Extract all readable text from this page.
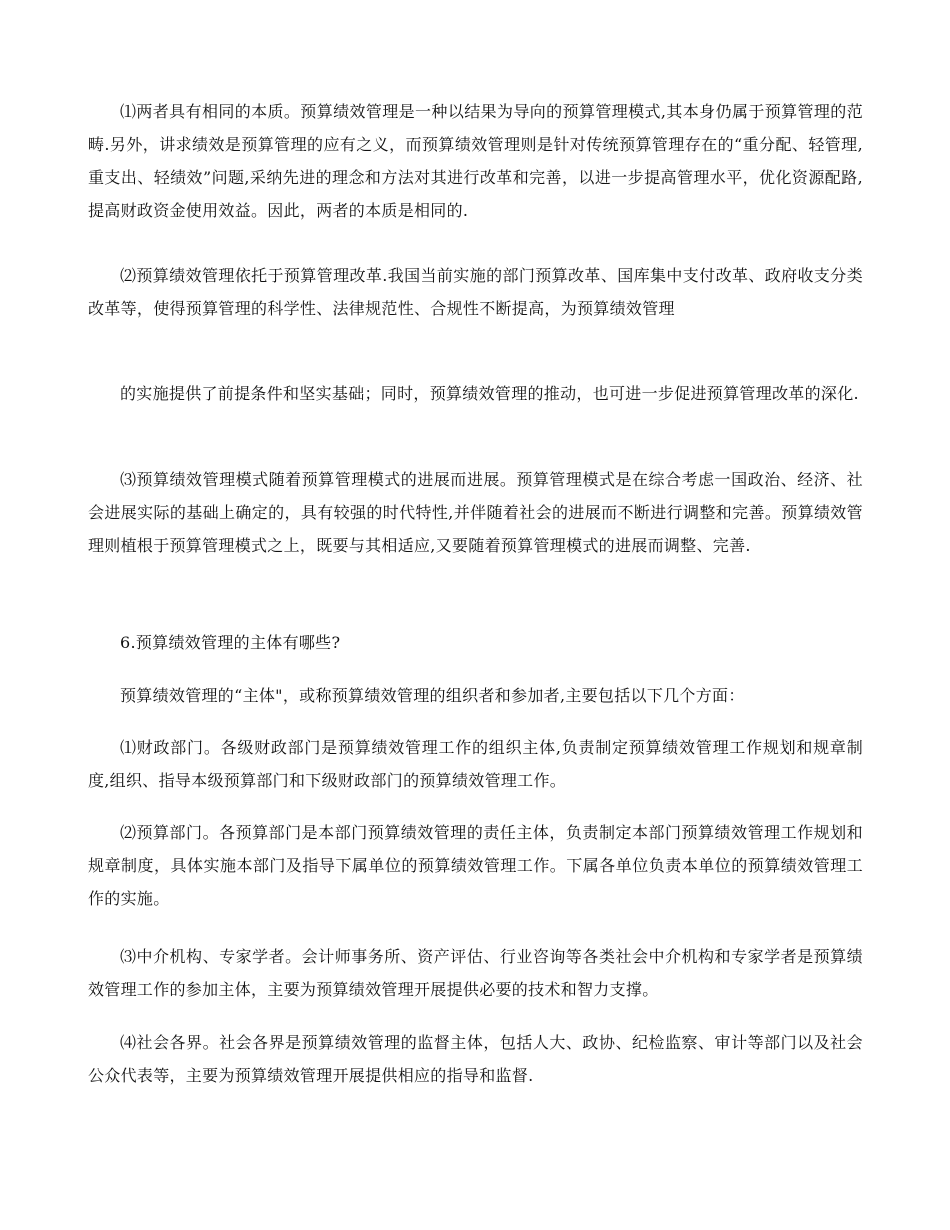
⑴两者具有相同的本质。预算绩效管理是一种以结果为导向的预算管理模式,其本身仍属于预算管理的范畴.另外，讲求绩效是预算管理的应有之义，而预算绩效管理则是针对传统预算管理存在的“重分配、轻管理,重支出、轻绩效”问题,采纳先进的理念和方法对其进行改革和完善，以进一步提高管理水平，优化资源配路,提高财政资金使用效益。因此，两者的本质是相同的.

⑵预算绩效管理依托于预算管理改革.我国当前实施的部门预算改革、国库集中支付改革、政府收支分类改革等，使得预算管理的科学性、法律规范性、合规性不断提高，为预算绩效管理

的实施提供了前提条件和坚实基础；同时，预算绩效管理的推动，也可进一步促进预算管理改革的深化.

⑶预算绩效管理模式随着预算管理模式的进展而进展。预算管理模式是在综合考虑一国政治、经济、社会进展实际的基础上确定的，具有较强的时代特性,并伴随着社会的进展而不断进行调整和完善。预算绩效管理则植根于预算管理模式之上，既要与其相适应,又要随着预算管理模式的进展而调整、完善.

6.预算绩效管理的主体有哪些?

预算绩效管理的“主体"，或称预算绩效管理的组织者和参加者,主要包括以下几个方面：

⑴财政部门。各级财政部门是预算绩效管理工作的组织主体,负责制定预算绩效管理工作规划和规章制度,组织、指导本级预算部门和下级财政部门的预算绩效管理工作。

⑵预算部门。各预算部门是本部门预算绩效管理的责任主体，负责制定本部门预算绩效管理工作规划和规章制度，具体实施本部门及指导下属单位的预算绩效管理工作。下属各单位负责本单位的预算绩效管理工作的实施。

⑶中介机构、专家学者。会计师事务所、资产评估、行业咨询等各类社会中介机构和专家学者是预算绩效管理工作的参加主体，主要为预算绩效管理开展提供必要的技术和智力支撑。

⑷社会各界。社会各界是预算绩效管理的监督主体，包括人大、政协、纪检监察、审计等部门以及社会公众代表等，主要为预算绩效管理开展提供相应的指导和监督.
